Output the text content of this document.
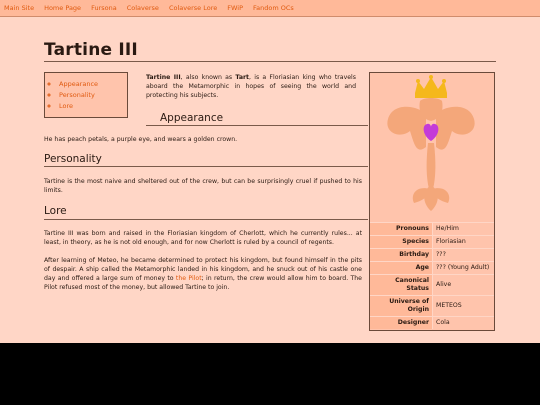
Main Site Home Page Fursona Colaverse Colaverse Lore FWiP Fandom OCs
Tartine III
◦ Appearance
◦ Personality
◦ Lore

Tartine III, also known as Tart, is a Floriasian king who travels aboard the Metamorphic in hopes of seeing the world and protecting his subjects.

Appearance

He has peach petals, a purple eye, and wears a golden crown.

Personality

Tartine is the most naive and sheltered out of the crew, but can be surprisingly cruel if pushed to his limits.

Lore

Tartine III was born and raised in the Floriasian kingdom of Cherlott, which he currently rules... at least, in theory, as he is not old enough, and for now Cherlott is ruled by a council of regents.

After learning of Meteo, he became determined to protect his kingdom, but found himself in the pits of despair. A ship called the Metamorphic landed in his kingdom, and he snuck out of his castle one day and offered a large sum of money to the Pilot; in return, the crew would allow him to board. The Pilot refused most of the money, but allowed Tartine to join.

Pronouns	He/Him
Species	Floriasian
Birthday	???
Age	??? (Young Adult)
Canonical Status	Alive
Universe of Origin	METEOS
Designer	Cola
